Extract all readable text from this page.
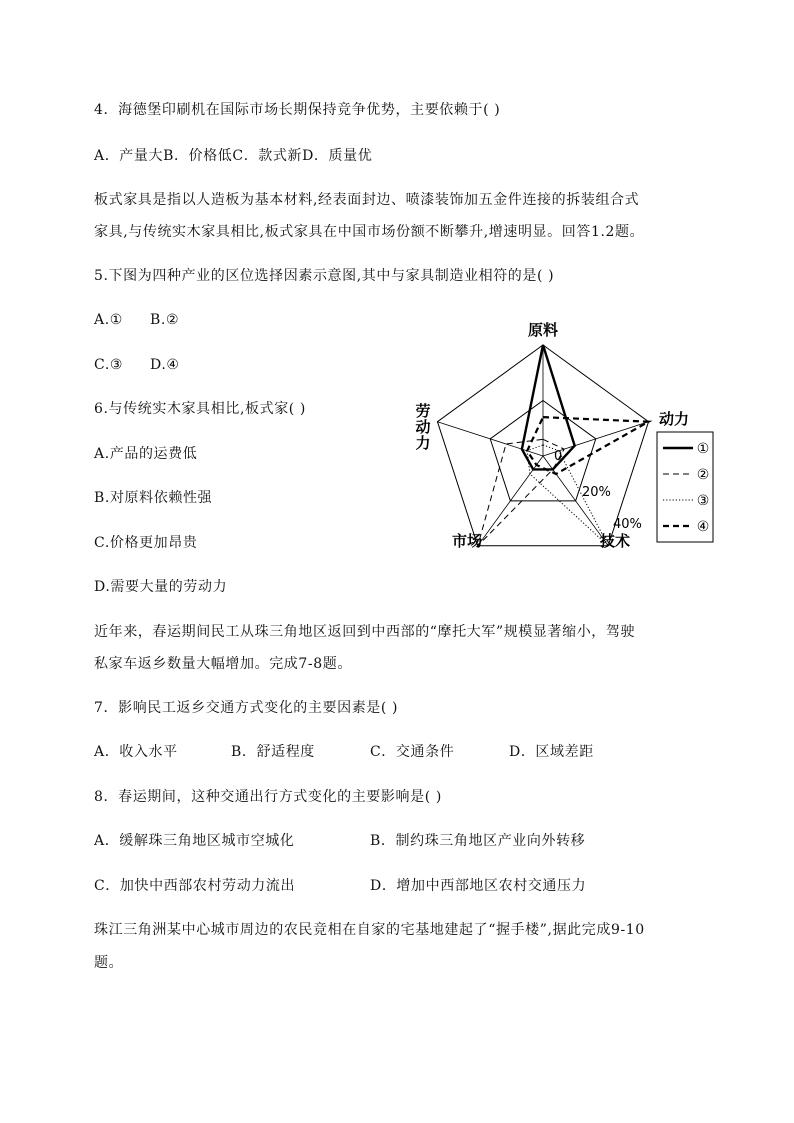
4．海德堡印刷机在国际市场长期保持竞争优势，主要依赖于( )
A．产量大B．价格低C．款式新D．质量优
板式家具是指以人造板为基本材料,经表面封边、喷漆装饰加五金件连接的拆装组合式
家具,与传统实木家具相比,板式家具在中国市场份额不断攀升,增速明显。回答1.2题。
5.下图为四种产业的区位选择因素示意图,其中与家具制造业相符的是( )
A.① B.②
C.③ D.④
6.与传统实木家具相比,板式家( )
A.产品的运费低
B.对原料依赖性强
C.价格更加昂贵
D.需要大量的劳动力
原料
动力
技术
市场
劳
动
力
0
20%
40%
①
②
③
④
近年来，春运期间民工从珠三角地区返回到中西部的“摩托大军”规模显著缩小，驾驶
私家车返乡数量大幅增加。完成7-8题。
7．影响民工返乡交通方式变化的主要因素是( )
A．收入水平	B．舒适程度	C．交通条件	D．区域差距
8．春运期间，这种交通出行方式变化的主要影响是( )
A．缓解珠三角地区城市空城化	B．制约珠三角地区产业向外转移
C．加快中西部农村劳动力流出	D．增加中西部地区农村交通压力
珠江三角洲某中心城市周边的农民竞相在自家的宅基地建起了“握手楼”,据此完成9-10
题。
